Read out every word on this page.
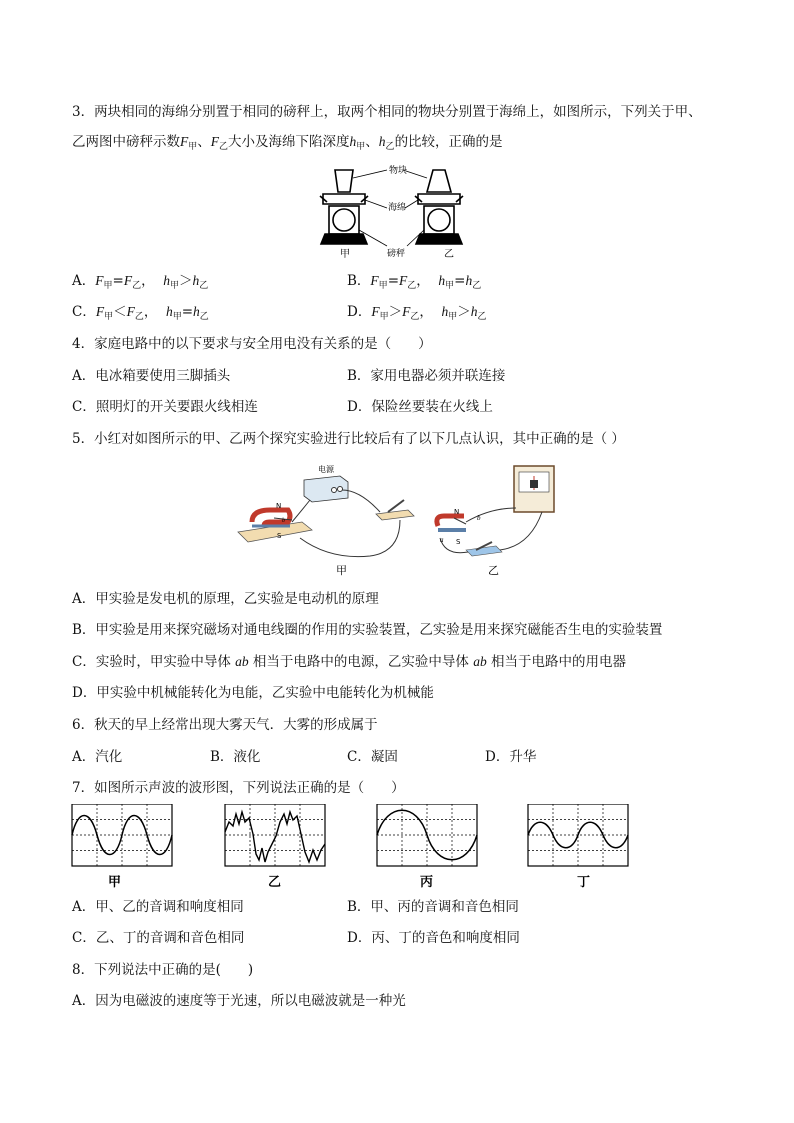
3．两块相同的海绵分别置于相同的磅秤上，取两个相同的物块分别置于海绵上，如图所示，下列关于甲、
乙两图中磅秤示数$F_甲$、$F_乙$大小及海绵下陷深度$h_甲$、$h_乙$的比较，正确的是
物块
海绵
磅秤
甲	乙
A．$F_甲=F_乙$， $h_甲>h_乙$	B．$F_甲=F_乙$， $h_甲=h_乙$
C．$F_甲<F_乙$， $h_甲=h_乙$	D．$F_甲>F_乙$， $h_甲>h_乙$
4．家庭电路中的以下要求与安全用电没有关系的是（　　）
A．电冰箱要使用三脚插头	B．家用电器必须并联连接
C．照明灯的开关要跟火线相连	D．保险丝要装在火线上
5．小红对如图所示的甲、乙两个探究实验进行比较后有了以下几点认识，其中正确的是（ ）
电源
N
S
b
甲
N
S
a
b
乙
A．甲实验是发电机的原理，乙实验是电动机的原理
B．甲实验是用来探究磁场对通电线圈的作用的实验装置，乙实验是用来探究磁能否生电的实验装置
C．实验时，甲实验中导体 ab 相当于电路中的电源，乙实验中导体 ab 相当于电路中的用电器
D．甲实验中机械能转化为电能，乙实验中电能转化为机械能
6．秋天的早上经常出现大雾天气．大雾的形成属于
A．汽化	B．液化	C．凝固	D．升华
7．如图所示声波的波形图，下列说法正确的是（　　）
甲	乙	丙	丁
A．甲、乙的音调和响度相同	B．甲、丙的音调和音色相同
C．乙、丁的音调和音色相同	D．丙、丁的音色和响度相同
8．下列说法中正确的是(　　)
A．因为电磁波的速度等于光速，所以电磁波就是一种光
